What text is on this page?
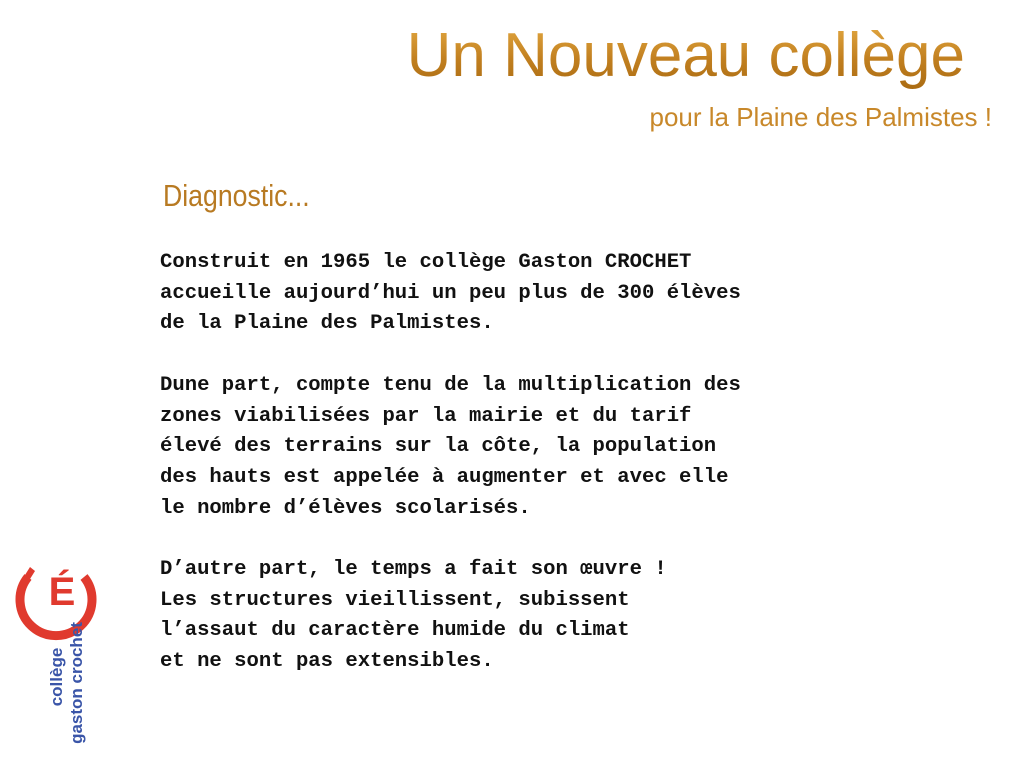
Un Nouveau collège
pour la Plaine des Palmistes !
Diagnostic...
Construit en 1965 le collège Gaston CROCHET
accueille aujourd’hui un peu plus de 300 élèves
de la Plaine des Palmistes.
Dune part, compte tenu de la multiplication des
zones viabilisées par la mairie et du tarif
élevé des terrains sur la côte, la population
des hauts est appelée à augmenter et avec elle
le nombre d’élèves scolarisés.
D’autre part, le temps a fait son œuvre !
Les structures vieillissent, subissent
l’assaut du caractère humide du climat
et ne sont pas extensibles.
É
collège gaston crochet
